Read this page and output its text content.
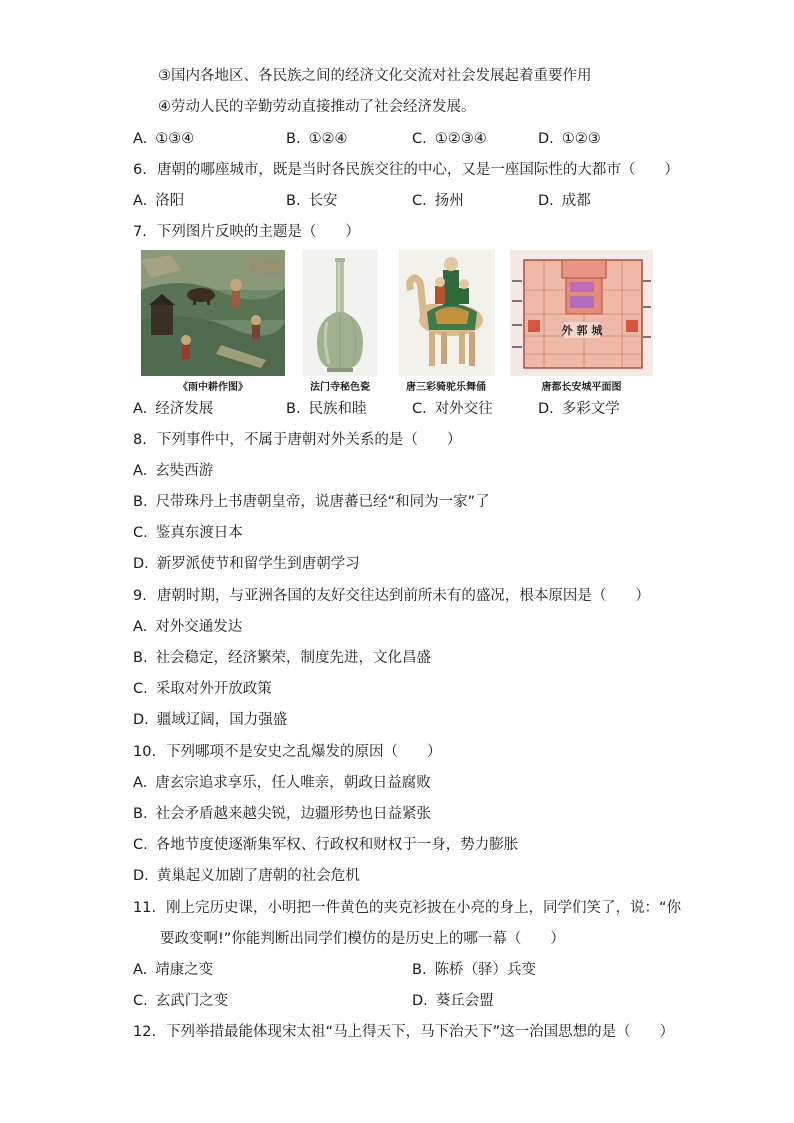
③国内各地区、各民族之间的经济文化交流对社会发展起着重要作用
④劳动人民的辛勤劳动直接推动了社会经济发展。
A. ①③④	B. ①②④	C. ①②③④	D. ①②③
6. 唐朝的哪座城市，既是当时各民族交往的中心，又是一座国际性的大都市（　　）
A. 洛阳	B. 长安	C. 扬州	D. 成都
7. 下列图片反映的主题是（　　）
《雨中耕作图》	法门寺秘色瓷	唐三彩骑驼乐舞俑
外 郭 城
唐都长安城平面图
A. 经济发展	B. 民族和睦	C. 对外交往	D. 多彩文学
8. 下列事件中，不属于唐朝对外关系的是（　　）
A. 玄奘西游
B. 尺带珠丹上书唐朝皇帝，说唐蕃已经“和同为一家”了
C. 鉴真东渡日本
D. 新罗派使节和留学生到唐朝学习
9. 唐朝时期，与亚洲各国的友好交往达到前所未有的盛况，根本原因是（　　）
A. 对外交通发达
B. 社会稳定，经济繁荣，制度先进，文化昌盛
C. 采取对外开放政策
D. 疆域辽阔，国力强盛
10. 下列哪项不是安史之乱爆发的原因（　　）
A. 唐玄宗追求享乐，任人唯亲，朝政日益腐败
B. 社会矛盾越来越尖锐，边疆形势也日益紧张
C. 各地节度使逐渐集军权、行政权和财权于一身，势力膨胀
D. 黄巢起义加剧了唐朝的社会危机
11. 刚上完历史课，小明把一件黄色的夹克衫披在小亮的身上，同学们笑了，说：“你
要政变啊!”你能判断出同学们模仿的是历史上的哪一幕（　　）
A. 靖康之变	B. 陈桥（驿）兵变
C. 玄武门之变	D. 葵丘会盟
12. 下列举措最能体现宋太祖“马上得天下，马下治天下”这一治国思想的是（　　）
